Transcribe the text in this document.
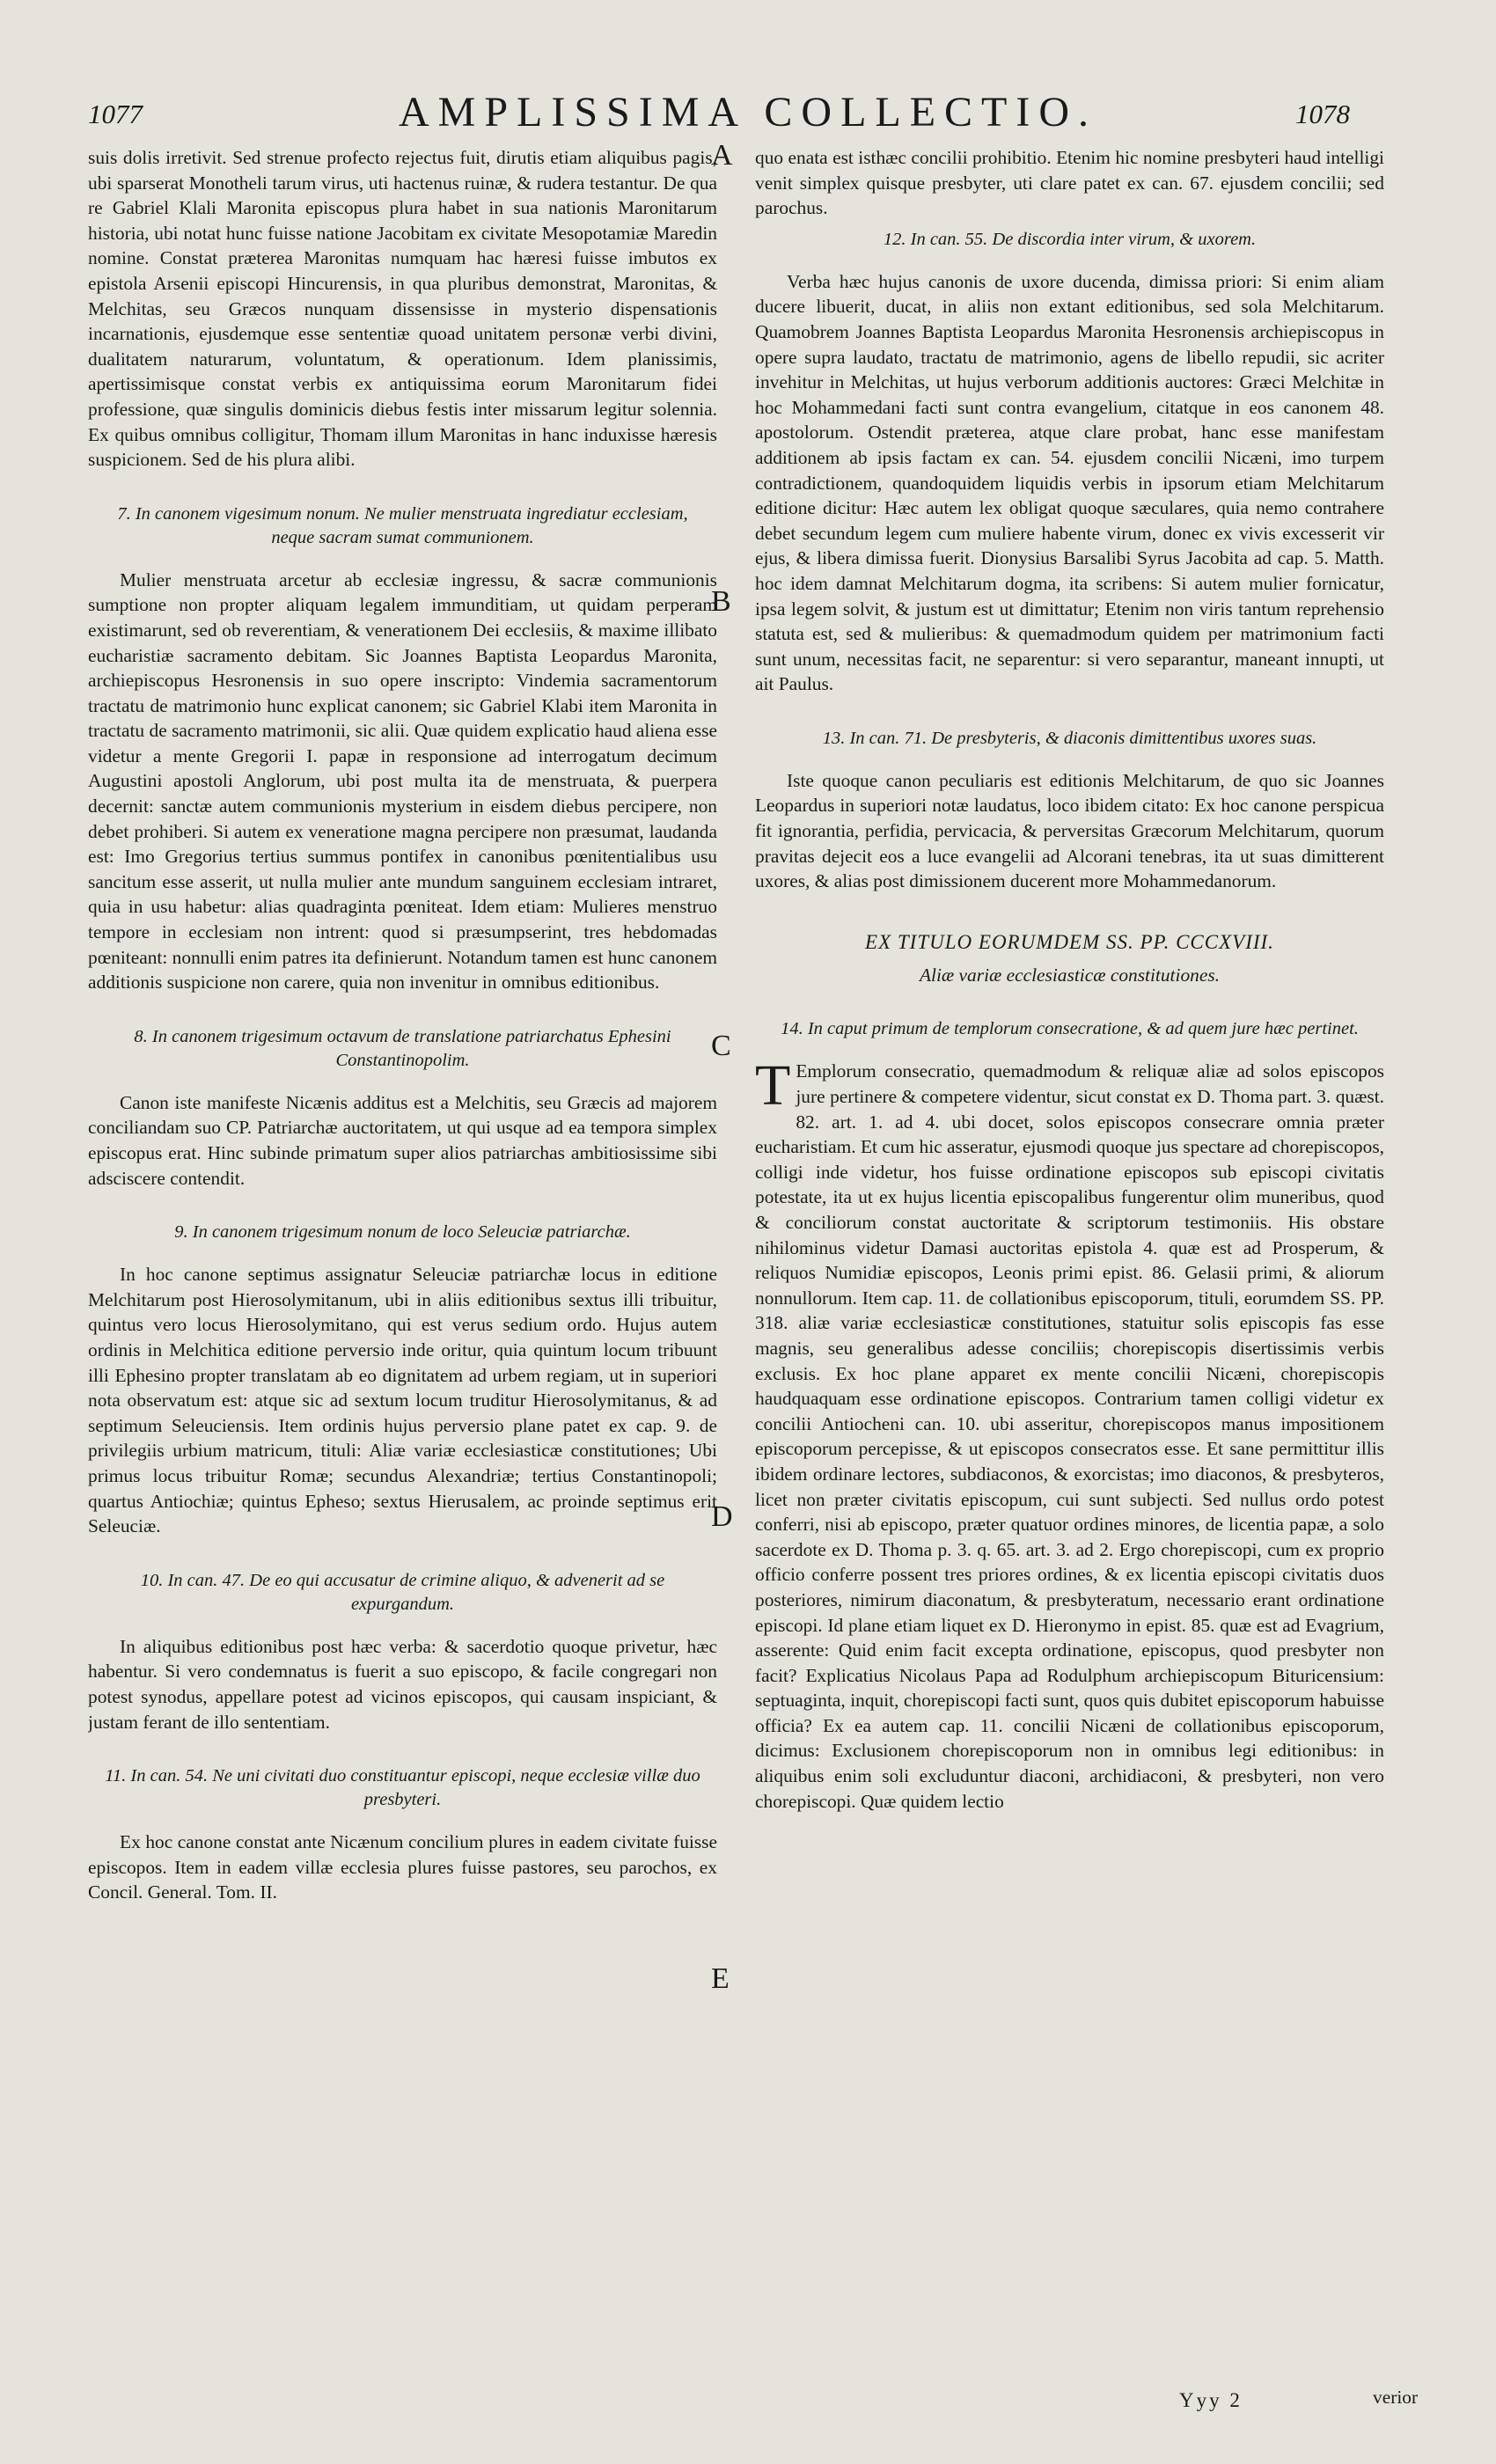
1077	AMPLISSIMA COLLECTIO.	1078
A
B
C
D
E

suis dolis irretivit. Sed strenue profecto rejectus fuit, dirutis etiam aliquibus pagis, ubi sparserat Monotheli tarum virus, uti hactenus ruinæ, & rudera testantur. De qua re Gabriel Klali Maronita episcopus plura habet in sua nationis Maronitarum historia, ubi notat hunc fuisse natione Jacobitam ex civitate Mesopotamiæ Maredin nomine. Constat præterea Maronitas numquam hac hæresi fuisse imbutos ex epistola Arsenii episcopi Hincurensis, in qua pluribus demonstrat, Maronitas, & Melchitas, seu Græcos nunquam dissensisse in mysterio dispensationis incarnationis, ejusdemque esse sententiæ quoad unitatem personæ verbi divini, dualitatem naturarum, voluntatum, & operationum. Idem planissimis, apertissimisque constat verbis ex antiquissima eorum Maronitarum fidei professione, quæ singulis dominicis diebus festis inter missarum legitur solennia. Ex quibus omnibus colligitur, Thomam illum Maronitas in hanc induxisse hæresis suspicionem. Sed de his plura alibi.

7. In canonem vigesimum nonum. Ne mulier menstruata ingrediatur ecclesiam, neque sacram sumat communionem.

Mulier menstruata arcetur ab ecclesiæ ingressu, & sacræ communionis sumptione non propter aliquam legalem immunditiam, ut quidam perperam existimarunt, sed ob reverentiam, & venerationem Dei ecclesiis, & maxime illibato eucharistiæ sacramento debitam. Sic Joannes Baptista Leopardus Maronita, archiepiscopus Hesronensis in suo opere inscripto: Vindemia sacramentorum tractatu de matrimonio hunc explicat canonem; sic Gabriel Klabi item Maronita in tractatu de sacramento matrimonii, sic alii. Quæ quidem explicatio haud aliena esse videtur a mente Gregorii I. papæ in responsione ad interrogatum decimum Augustini apostoli Anglorum, ubi post multa ita de menstruata, & puerpera decernit: sanctæ autem communionis mysterium in eisdem diebus percipere, non debet prohiberi. Si autem ex veneratione magna percipere non præsumat, laudanda est: Imo Gregorius tertius summus pontifex in canonibus pœnitentialibus usu sancitum esse asserit, ut nulla mulier ante mundum sanguinem ecclesiam intraret, quia in usu habetur: alias quadraginta pœniteat. Idem etiam: Mulieres menstruo tempore in ecclesiam non intrent: quod si præsumpserint, tres hebdomadas pœniteant: nonnulli enim patres ita definierunt. Notandum tamen est hunc canonem additionis suspicione non carere, quia non invenitur in omnibus editionibus.

8. In canonem trigesimum octavum de translatione patriarchatus Ephesini Constantinopolim.

Canon iste manifeste Nicænis additus est a Melchitis, seu Græcis ad majorem conciliandam suo CP. Patriarchæ auctoritatem, ut qui usque ad ea tempora simplex episcopus erat. Hinc subinde primatum super alios patriarchas ambitiosissime sibi adsciscere contendit.

9. In canonem trigesimum nonum de loco Seleuciæ patriarchæ.

In hoc canone septimus assignatur Seleuciæ patriarchæ locus in editione Melchitarum post Hierosolymitanum, ubi in aliis editionibus sextus illi tribuitur, quintus vero locus Hierosolymitano, qui est verus sedium ordo. Hujus autem ordinis in Melchitica editione perversio inde oritur, quia quintum locum tribuunt illi Ephesino propter translatam ab eo dignitatem ad urbem regiam, ut in superiori nota observatum est: atque sic ad sextum locum truditur Hierosolymitanus, & ad septimum Seleuciensis. Item ordinis hujus perversio plane patet ex cap. 9. de privilegiis urbium matricum, tituli: Aliæ variæ ecclesiasticæ constitutiones; Ubi primus locus tribuitur Romæ; secundus Alexandriæ; tertius Constantinopoli; quartus Antiochiæ; quintus Epheso; sextus Hierusalem, ac proinde septimus erit Seleuciæ.

10. In can. 47. De eo qui accusatur de crimine aliquo, & advenerit ad se expurgandum.

In aliquibus editionibus post hæc verba: & sacerdotio quoque privetur, hæc habentur. Si vero condemnatus is fuerit a suo episcopo, & facile congregari non potest synodus, appellare potest ad vicinos episcopos, qui causam inspiciant, & justam ferant de illo sententiam.

11. In can. 54. Ne uni civitati duo constituantur episcopi, neque ecclesiæ villæ duo presbyteri.

Ex hoc canone constat ante Nicænum concilium plures in eadem civitate fuisse episcopos. Item in eadem villæ ecclesia plures fuisse pastores, seu parochos, ex Concil. General. Tom. II.

quo enata est isthæc concilii prohibitio. Etenim hic nomine presbyteri haud intelligi venit simplex quisque presbyter, uti clare patet ex can. 67. ejusdem concilii; sed parochus.

12. In can. 55. De discordia inter virum, & uxorem.

Verba hæc hujus canonis de uxore ducenda, dimissa priori: Si enim aliam ducere libuerit, ducat, in aliis non extant editionibus, sed sola Melchitarum. Quamobrem Joannes Baptista Leopardus Maronita Hesronensis archiepiscopus in opere supra laudato, tractatu de matrimonio, agens de libello repudii, sic acriter invehitur in Melchitas, ut hujus verborum additionis auctores: Græci Melchitæ in hoc Mohammedani facti sunt contra evangelium, citatque in eos canonem 48. apostolorum. Ostendit præterea, atque clare probat, hanc esse manifestam additionem ab ipsis factam ex can. 54. ejusdem concilii Nicæni, imo turpem contradictionem, quandoquidem liquidis verbis in ipsorum etiam Melchitarum editione dicitur: Hæc autem lex obligat quoque sæculares, quia nemo contrahere debet secundum legem cum muliere habente virum, donec ex vivis excesserit vir ejus, & libera dimissa fuerit. Dionysius Barsalibi Syrus Jacobita ad cap. 5. Matth. hoc idem damnat Melchitarum dogma, ita scribens: Si autem mulier fornicatur, ipsa legem solvit, & justum est ut dimittatur; Etenim non viris tantum reprehensio statuta est, sed & mulieribus: & quemadmodum quidem per matrimonium facti sunt unum, necessitas facit, ne separentur: si vero separantur, maneant innupti, ut ait Paulus.

13. In can. 71. De presbyteris, & diaconis dimittentibus uxores suas.

Iste quoque canon peculiaris est editionis Melchitarum, de quo sic Joannes Leopardus in superiori notæ laudatus, loco ibidem citato: Ex hoc canone perspicua fit ignorantia, perfidia, pervicacia, & perversitas Græcorum Melchitarum, quorum pravitas dejecit eos a luce evangelii ad Alcorani tenebras, ita ut suas dimitterent uxores, & alias post dimissionem ducerent more Mohammedanorum.

EX TITULO EORUMDEM SS. PP. CCCXVIII.

Aliæ variæ ecclesiasticæ constitutiones.

14. In caput primum de templorum consecratione, & ad quem jure hæc pertinet.

T Emplorum consecratio, quemadmodum & reliquæ aliæ ad solos episcopos jure pertinere & competere videntur, sicut constat ex D. Thoma part. 3. quæst. 82. art. 1. ad 4. ubi docet, solos episcopos consecrare omnia præter eucharistiam. Et cum hic asseratur, ejusmodi quoque jus spectare ad chorepiscopos, colligi inde videtur, hos fuisse ordinatione episcopos sub episcopi civitatis potestate, ita ut ex hujus licentia episcopalibus fungerentur olim muneribus, quod & conciliorum constat auctoritate & scriptorum testimoniis. His obstare nihilominus videtur Damasi auctoritas epistola 4. quæ est ad Prosperum, & reliquos Numidiæ episcopos, Leonis primi epist. 86. Gelasii primi, & aliorum nonnullorum. Item cap. 11. de collationibus episcoporum, tituli, eorumdem SS. PP. 318. aliæ variæ ecclesiasticæ constitutiones, statuitur solis episcopis fas esse magnis, seu generalibus adesse conciliis; chorepiscopis disertissimis verbis exclusis. Ex hoc plane apparet ex mente concilii Nicæni, chorepiscopis haudquaquam esse ordinatione episcopos. Contrarium tamen colligi videtur ex concilii Antiocheni can. 10. ubi asseritur, chorepiscopos manus impositionem episcoporum percepisse, & ut episcopos consecratos esse. Et sane permittitur illis ibidem ordinare lectores, subdiaconos, & exorcistas; imo diaconos, & presbyteros, licet non præter civitatis episcopum, cui sunt subjecti. Sed nullus ordo potest conferri, nisi ab episcopo, præter quatuor ordines minores, de licentia papæ, a solo sacerdote ex D. Thoma p. 3. q. 65. art. 3. ad 2. Ergo chorepiscopi, cum ex proprio officio conferre possent tres priores ordines, & ex licentia episcopi civitatis duos posteriores, nimirum diaconatum, & presbyteratum, necessario erant ordinatione episcopi. Id plane etiam liquet ex D. Hieronymo in epist. 85. quæ est ad Evagrium, asserente: Quid enim facit excepta ordinatione, episcopus, quod presbyter non facit? Explicatius Nicolaus Papa ad Rodulphum archiepiscopum Bituricensium: septuaginta, inquit, chorepiscopi facti sunt, quos quis dubitet episcoporum habuisse officia? Ex ea autem cap. 11. concilii Nicæni de collationibus episcoporum, dicimus: Exclusionem chorepiscoporum non in omnibus legi editionibus: in aliquibus enim soli excluduntur diaconi, archidiaconi, & presbyteri, non vero chorepiscopi. Quæ quidem lectio

Yyy 2	verior
